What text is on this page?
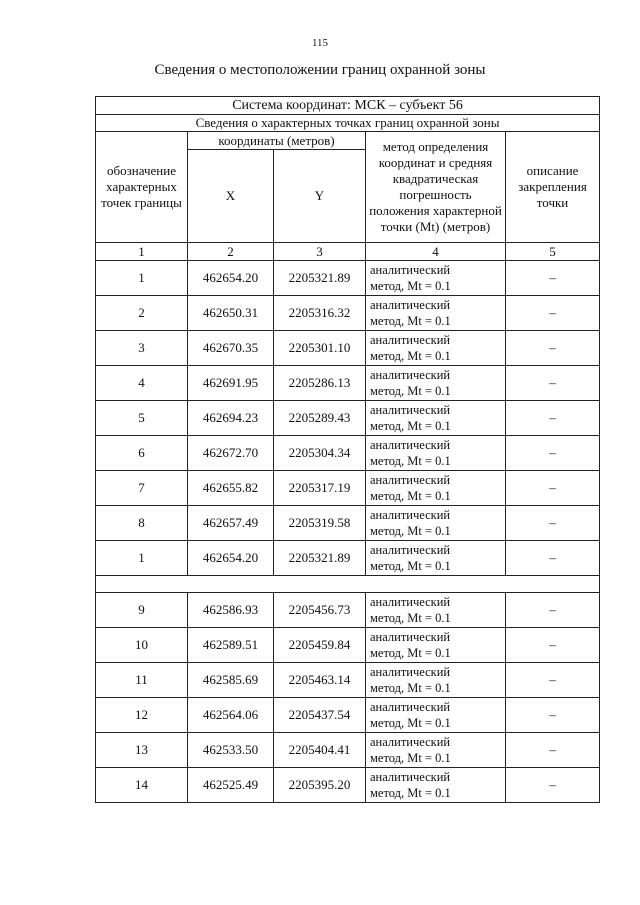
115
Сведения о местоположении границ охранной зоны
Система координат: МСК – субъект 56				
Сведения о характерных точках границ охранной зоны				
обозначение характерных точек границы	координаты (метров)		метод определения координат и средняя квадратическая погрешность положения характерной точки (Mt) (метров)	описание закрепления точки
	X	Y		
1	2	3	4	5
1	462654.20	2205321.89	аналитический
метод, Mt = 0.1	–
2	462650.31	2205316.32	аналитический
метод, Mt = 0.1	–
3	462670.35	2205301.10	аналитический
метод, Mt = 0.1	–
4	462691.95	2205286.13	аналитический
метод, Mt = 0.1	–
5	462694.23	2205289.43	аналитический
метод, Mt = 0.1	–
6	462672.70	2205304.34	аналитический
метод, Mt = 0.1	–
7	462655.82	2205317.19	аналитический
метод, Mt = 0.1	–
8	462657.49	2205319.58	аналитический
метод, Mt = 0.1	–
1	462654.20	2205321.89	аналитический
метод, Mt = 0.1	–

9	462586.93	2205456.73	аналитический
метод, Mt = 0.1	–
10	462589.51	2205459.84	аналитический
метод, Mt = 0.1	–
11	462585.69	2205463.14	аналитический
метод, Mt = 0.1	–
12	462564.06	2205437.54	аналитический
метод, Mt = 0.1	–
13	462533.50	2205404.41	аналитический
метод, Mt = 0.1	–
14	462525.49	2205395.20	аналитический
метод, Mt = 0.1	–
